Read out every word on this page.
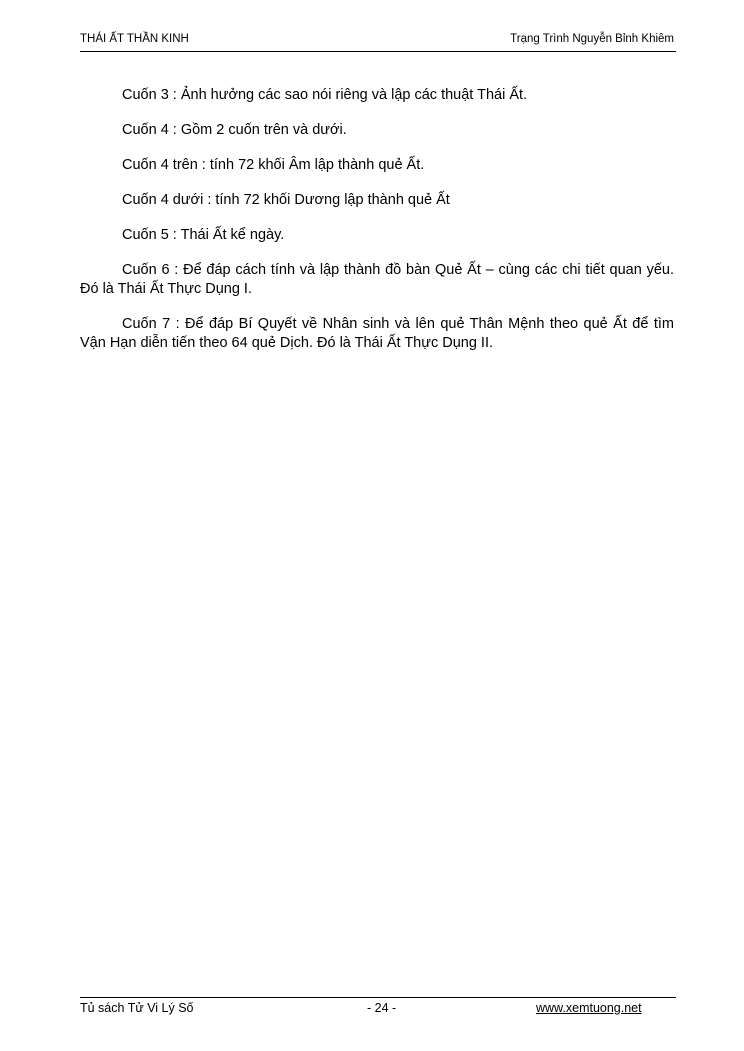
THÁI ẤT THẦN KINH	Trạng Trình Nguyễn Bỉnh Khiêm

Cuốn 3 : Ảnh hưởng các sao nói riêng và lập các thuật Thái Ất.

Cuốn 4 : Gồm 2 cuốn trên và dưới.

Cuốn 4 trên : tính 72 khối Âm lập thành quẻ Ất.

Cuốn 4 dưới : tính 72 khối Dương lập thành quẻ Ất

Cuốn 5 : Thái Ất kể ngày.

Cuốn 6 : Để đáp cách tính và lập thành đồ bàn Quẻ Ất – cùng các chi tiết quan yếu. Đó là Thái Ất Thực Dụng I.

Cuốn 7 : Để đáp Bí Quyết về Nhân sinh và lên quẻ Thân Mệnh theo quẻ Ất để tìm Vận Hạn diễn tiến theo 64 quẻ Dịch. Đó là Thái Ất Thực Dụng II.

Tủ sách Tử Vi Lý Số	- 24 -	www.xemtuong.net
